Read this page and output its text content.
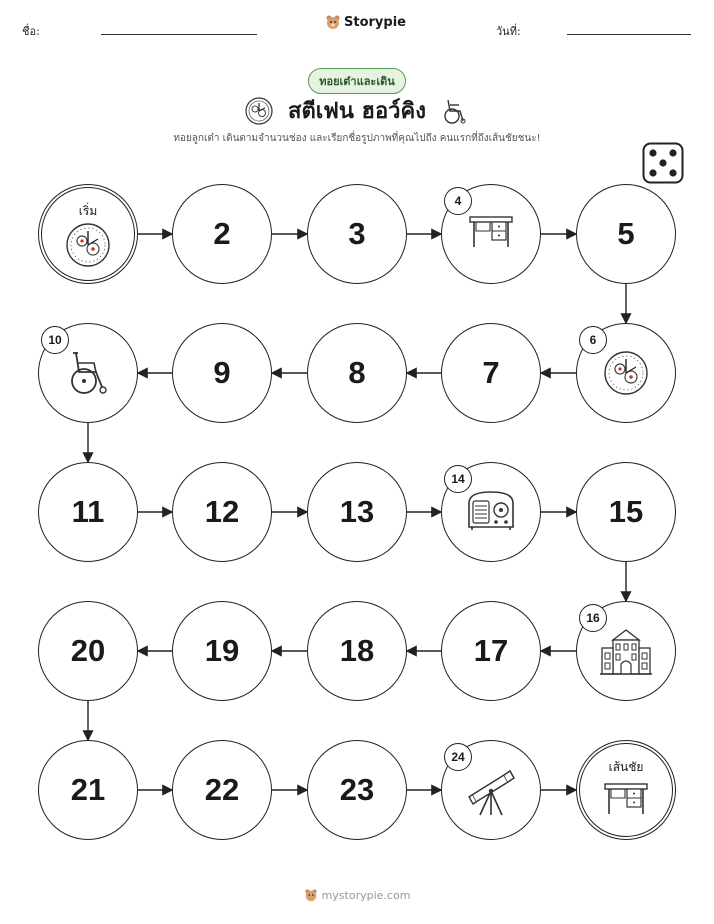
ชื่อ:
Storypie
วันที่:
ทอยเต๋าและเดิน
สตีเฟน ฮอว์คิง
ทอยลูกเต๋า เดินตามจำนวนช่อง และเรียกชื่อรูปภาพที่คุณไปถึง คนแรกที่ถึงเส้นชัยชนะ!
เริ่ม
2	3
4
5
6
7
8
9
10
11	12	13
14
15
16
17
18
19
20
21	22	23
24
เส้นชัย
mystorypie.com
